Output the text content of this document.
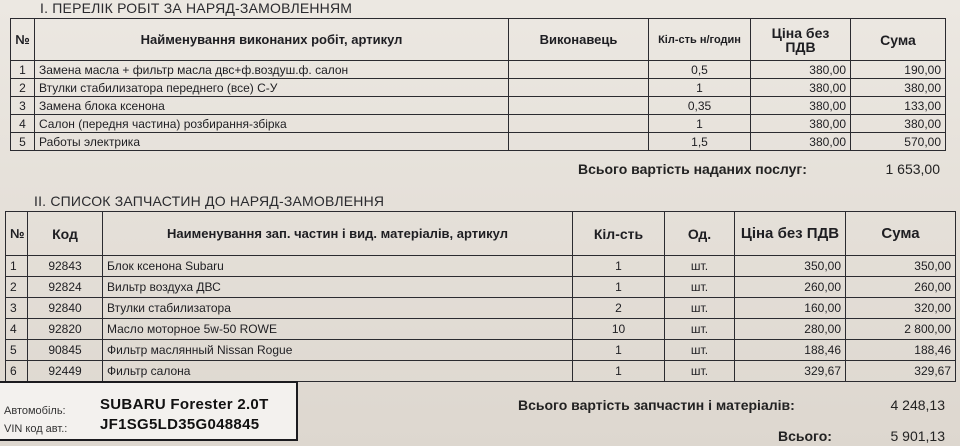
І. ПЕРЕЛІК РОБІТ ЗА НАРЯД-ЗАМОВЛЕННЯМ
№	Найменування виконаних робіт, артикул	Виконавець	Кіл-сть н/годин	Ціна без ПДВ	Сума
1	Замена масла + фильтр масла двс+ф.воздуш.ф. салон		0,5	380,00	190,00
2	Втулки стабилизатора переднего (все) С-У		1	380,00	380,00
3	Замена блока ксенона		0,35	380,00	133,00
4	Салон (передня частина) розбирання-збірка		1	380,00	380,00
5	Работы электрика		1,5	380,00	570,00
Всього вартість наданих послуг:	1 653,00
ІІ. СПИСОК ЗАПЧАСТИН ДО НАРЯД-ЗАМОВЛЕННЯ
№	Код	Наименування зап. частин і вид. матеріалів, артикул	Кіл-сть	Од.	Ціна без ПДВ	Сума
1	92843	Блок ксенона Subaru	1	шт.	350,00	350,00
2	92824	Вильтр воздуха ДВС	1	шт.	260,00	260,00
3	92840	Втулки стабилизатора	2	шт.	160,00	320,00
4	92820	Масло моторное 5w-50 ROWE	10	шт.	280,00	2 800,00
5	90845	Фильтр маслянный Nissan Rogue	1	шт.	188,46	188,46
6	92449	Фильтр салона	1	шт.	329,67	329,67
Всього вартість запчастин і матеріалів:	4 248,13
Всього:	5 901,13
Автомобіль: SUBARU Forester 2.0T
VIN код авт.: JF1SG5LD35G048845
